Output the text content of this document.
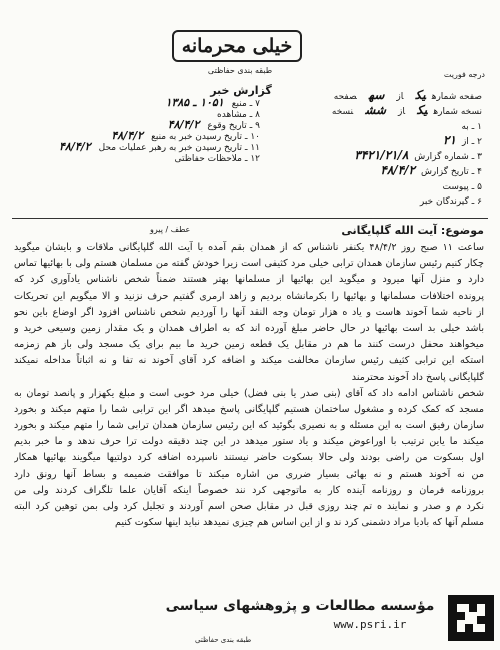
خیلی محرمانه
طبقه بندی حفاظتی
گزارش خبر
درجه فوریت
صفحه شمارهیکازسهصفحه
نسخه شمارهیکازششنسخه
۱ ـ به
۲ ـ از۲۱
۳ ـ شماره گزارش۳۴۲۱/۲۱/۸
۴ ـ تاریخ گزارش۴۸/۴/۲
۵ ـ پیوست
۶ ـ گیرندگان خبر
۷ ـ منبع۱۰۵۱ ـ ۱۳۸۵
۸ ـ مشاهده
۹ ـ تاریخ وقوع۴۸/۴/۲
۱۰ ـ تاریخ رسیدن خبر به منبع۴۸/۴/۲
۱۱ ـ تاریخ رسیدن خبر به رهبر عملیات محل۴۸/۴/۲
۱۲ ـ ملاحظات حفاظتی
عطف / پیرو	موضوع: آیت الله گلپایگانی
ساعت ۱۱ صبح روز ۴۸/۴/۲ یکنفر ناشناس که از همدان بقم آمده با آیت الله گلپایگانی ملاقات و بایشان میگوید
چکار کنیم رئیس سازمان همدان ترابی خیلی مرد کثیفی است زیرا خودش گفته من مسلمان هستم ولی با بهائیها تماس
دارد و منزل آنها میرود و میگوید این بهائیها از مسلمانها بهتر هستند ضمناً شخص ناشناس یادآوری کرد که
پرونده اختلافات مسلمانها و بهائیها را بکرمانشاه بردیم و زاهد ارمری گفتیم حرف نزنید و الا میگویم این تحریکات
از ناحیه شما آخوند هاست و یاد ه هزار تومان وجه النقد آنها را آوردیم شخص ناشناس افزود اگر اوضاع باین نحو
باشد خیلی بد است بهائیها در حال حاضر مبلغ آورده اند که به اطراف همدان و یک مقدار زمین وسیعی خرید و
میخواهند محفل درست کنند ما هم در مقابل یک قطعه زمین خرید ما بیم برای یک مسجد ولی باز هم زمزمه
استکه این ترابی کثیف رئیس سازمان مخالفت میکند و اضافه کرد آقای آخوند نه تفا و نه اثباتاً مداخله نمیکند
گلپایگانی پاسخ داد آخوند محترمند
شخص ناشناس ادامه داد که آقای (بنی صدر یا بنی فضل) خیلی مرد خوبی است و مبلغ یکهزار و پانصد تومان به
مسجد که کمک کرده و مشغول ساختمان هستیم گلپایگانی پاسخ میدهد اگر این ترابی شما را متهم میکند و بخورد
سازمان رفیق است به این مسئله و به نصیری بگوئید که این رئیس سازمان همدان ترابی شما را متهم میکند و بخورد
میکند ما یاین ترتیب با اوراعوض میکند و یاد ستور میدهد در این چند دقیقه دولت ترا حرف ندهد و ما خبر بدیم
اول بسکوت من راضی بودند ولی حالا بسکوت حاضر نیستند ناسپرده اضافه کرد دولتیها میگویند بهائیها همکار
من نه آخوند هستم و نه بهائی بسیار ضرری من اشاره میکند تا موافقت ضمیمه و بساط آنها رونق دارد
بروزنامه فرمان و روزنامه آینده کار به ماتوجهی کرد نند خصوصاً اینکه آقایان علما تلگراف کردند ولی من
نکرد م و صدر و نمایند ه تم چند روزی قبل در مقابل صحن اسم آوردند و تجلیل کرد ولی بمن توهین کرد البته
مسلم آنها که بادیا مراد دشمنی کرد ند و از این اساس هم چیزی نمیدهد نباید اینها سکوت کنیم
طبقه بندی حفاظتی
مؤسسه مطالعات و پژوهشهای سیاسی
www.psri.ir
